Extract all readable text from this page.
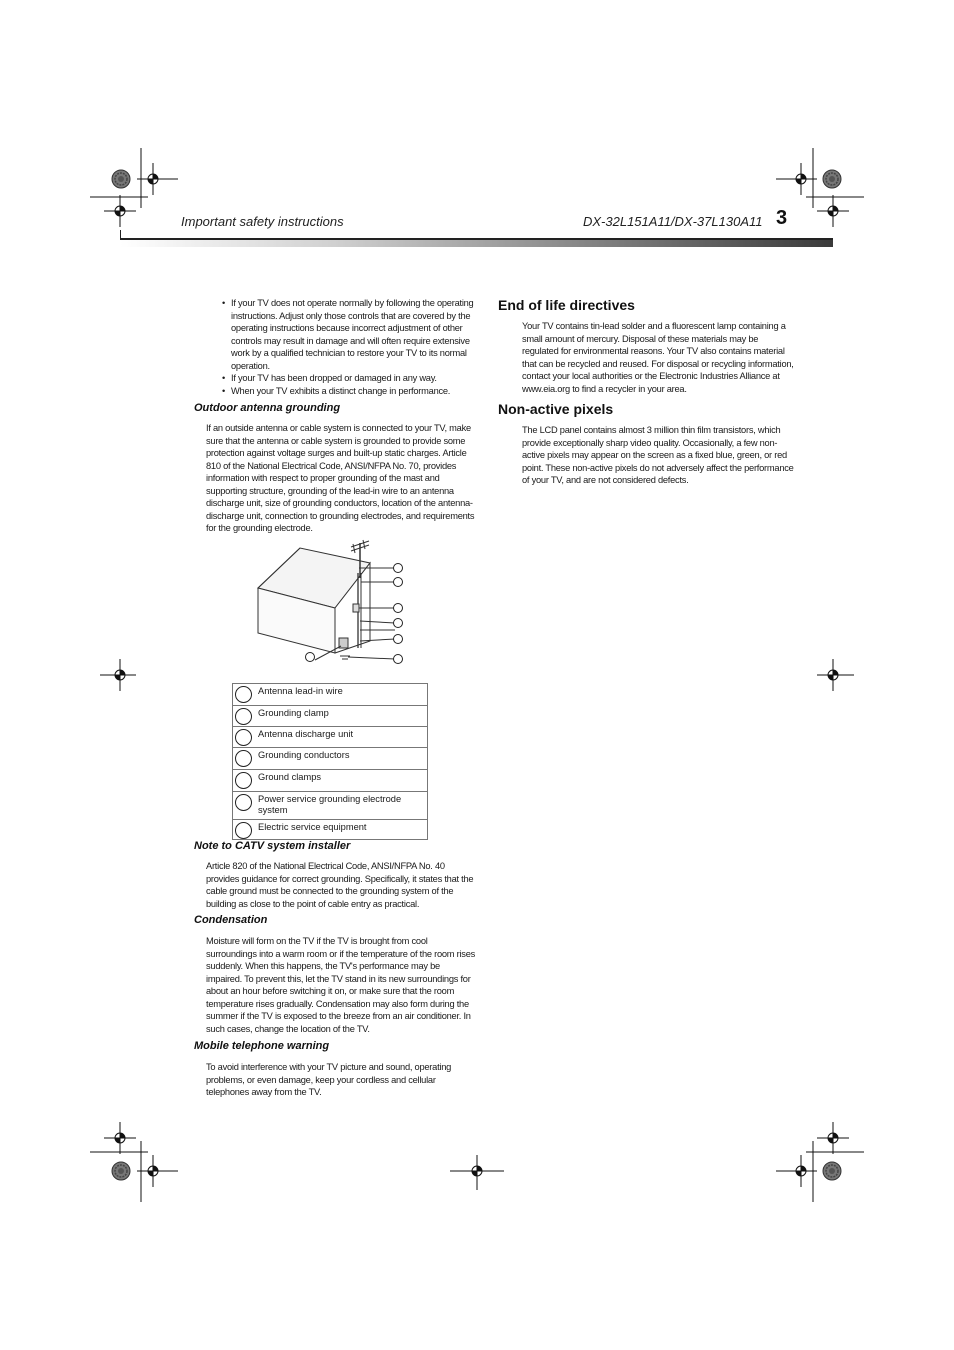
Important safety instructions	DX-32L151A11/DX-37L130A11 3
• If your TV does not operate normally by following the operating instructions. Adjust only those controls that are covered by the operating instructions because incorrect adjustment of other controls may result in damage and will often require extensive work by a qualified technician to restore your TV to its normal operation.
• If your TV has been dropped or damaged in any way.
• When your TV exhibits a distinct change in performance.
Outdoor antenna grounding
If an outside antenna or cable system is connected to your TV, make sure that the antenna or cable system is grounded to provide some protection against voltage surges and built-up static charges. Article 810 of the National Electrical Code, ANSI/NFPA No. 70, provides information with respect to proper grounding of the mast and supporting structure, grounding of the lead-in wire to an antenna discharge unit, size of grounding conductors, location of the antenna-discharge unit, connection to grounding electrodes, and requirements for the grounding electrode.
	Antenna lead-in wire

	Grounding clamp

	Antenna discharge unit

	Grounding conductors

	Ground clamps

	Power service grounding electrode system

	Electric service equipment
Note to CATV system installer
Article 820 of the National Electrical Code, ANSI/NFPA No. 40 provides guidance for correct grounding. Specifically, it states that the cable ground must be connected to the grounding system of the building as close to the point of cable entry as practical.
Condensation
Moisture will form on the TV if the TV is brought from cool surroundings into a warm room or if the temperature of the room rises suddenly. When this happens, the TV's performance may be impaired. To prevent this, let the TV stand in its new surroundings for about an hour before switching it on, or make sure that the room temperature rises gradually. Condensation may also form during the summer if the TV is exposed to the breeze from an air conditioner. In such cases, change the location of the TV.
Mobile telephone warning
To avoid interference with your TV picture and sound, operating problems, or even damage, keep your cordless and cellular telephones away from the TV.
End of life directives
Your TV contains tin-lead solder and a fluorescent lamp containing a small amount of mercury. Disposal of these materials may be regulated for environmental reasons. Your TV also contains material that can be recycled and reused. For disposal or recycling information, contact your local authorities or the Electronic Industries Alliance at www.eia.org to find a recycler in your area.
Non-active pixels
The LCD panel contains almost 3 million thin film transistors, which provide exceptionally sharp video quality. Occasionally, a few non-active pixels may appear on the screen as a fixed blue, green, or red point. These non-active pixels do not adversely affect the performance of your TV, and are not considered defects.
